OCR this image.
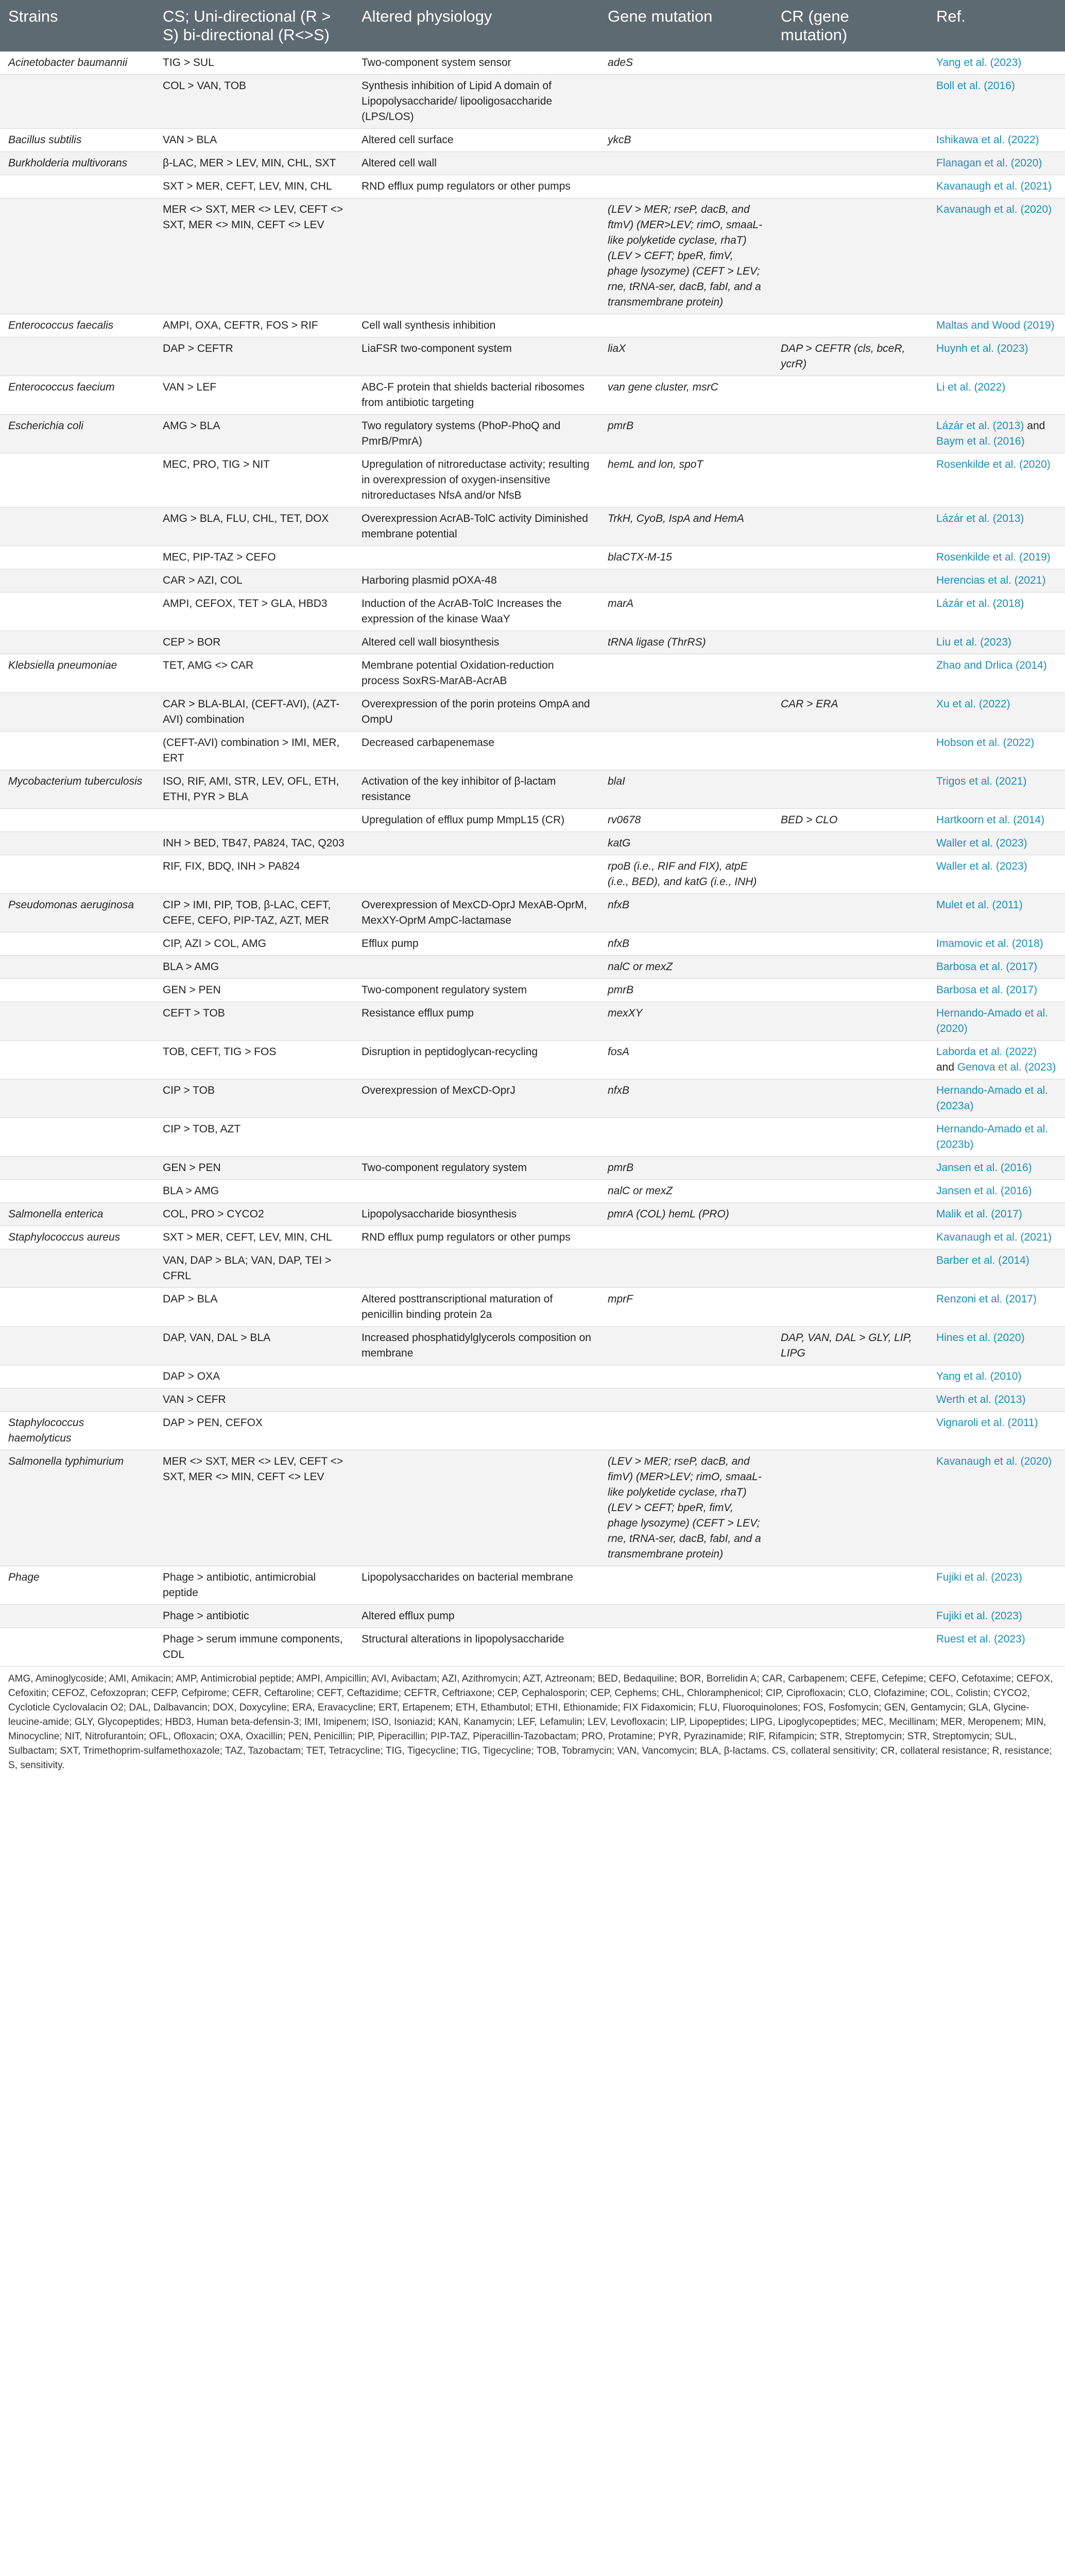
Strains	CS; Uni-directional (R > S) bi-directional (R<>S)	Altered physiology	Gene mutation	CR (gene mutation)	Ref.
Acinetobacter baumannii	TIG > SUL	Two-component system sensor	adeS		Yang et al. (2023)
	COL > VAN, TOB	Synthesis inhibition of Lipid A domain of Lipopolysaccharide/ lipooligosaccharide (LPS/LOS)			Boll et al. (2016)
Bacillus subtilis	VAN > BLA	Altered cell surface	ykcB		Ishikawa et al. (2022)
Burkholderia multivorans	β-LAC, MER > LEV, MIN, CHL, SXT	Altered cell wall			Flanagan et al. (2020)
	SXT > MER, CEFT, LEV, MIN, CHL	RND efflux pump regulators or other pumps			Kavanaugh et al. (2021)
	MER <> SXT, MER <> LEV, CEFT <> SXT, MER <> MIN, CEFT <> LEV		(LEV > MER; rseP, dacB, and ftmV) (MER>LEV; rimO, smaaL-like polyketide cyclase, rhaT) (LEV > CEFT; bpeR, fimV, phage lysozyme) (CEFT > LEV; rne, tRNA-ser, dacB, fabI, and a transmembrane protein)		Kavanaugh et al. (2020)
Enterococcus faecalis	AMPI, OXA, CEFTR, FOS > RIF	Cell wall synthesis inhibition			Maltas and Wood (2019)
	DAP > CEFTR	LiaFSR two-component system	liaX	DAP > CEFTR (cls, bceR, ycrR)	Huynh et al. (2023)
Enterococcus faecium	VAN > LEF	ABC-F protein that shields bacterial ribosomes from antibiotic targeting	van gene cluster, msrC		Li et al. (2022)
Escherichia coli	AMG > BLA	Two regulatory systems (PhoP-PhoQ and PmrB/PmrA)	pmrB		Lázár et al. (2013) and Baym et al. (2016)
	MEC, PRO, TIG > NIT	Upregulation of nitroreductase activity; resulting in overexpression of oxygen-insensitive nitroreductases NfsA and/or NfsB	hemL and lon, spoT		Rosenkilde et al. (2020)
	AMG > BLA, FLU, CHL, TET, DOX	Overexpression AcrAB-TolC activity Diminished membrane potential	TrkH, CyoB, IspA and HemA		Lázár et al. (2013)
	MEC, PIP-TAZ > CEFO		blaCTX-M-15		Rosenkilde et al. (2019)
	CAR > AZI, COL	Harboring plasmid pOXA-48			Herencias et al. (2021)
	AMPI, CEFOX, TET > GLA, HBD3	Induction of the AcrAB-TolC Increases the expression of the kinase WaaY	marA		Lázár et al. (2018)
	CEP > BOR	Altered cell wall biosynthesis	tRNA ligase (ThrRS)		Liu et al. (2023)
Klebsiella pneumoniae	TET, AMG <> CAR	Membrane potential Oxidation-reduction process SoxRS-MarAB-AcrAB			Zhao and Drlica (2014)
	CAR > BLA-BLAI, (CEFT-AVI), (AZT-AVI) combination	Overexpression of the porin proteins OmpA and OmpU		CAR > ERA	Xu et al. (2022)
	(CEFT-AVI) combination > IMI, MER, ERT	Decreased carbapenemase			Hobson et al. (2022)
Mycobacterium tuberculosis	ISO, RIF, AMI, STR, LEV, OFL, ETH, ETHI, PYR > BLA	Activation of the key inhibitor of β-lactam resistance	blaI		Trigos et al. (2021)
		Upregulation of efflux pump MmpL15 (CR)	rv0678	BED > CLO	Hartkoorn et al. (2014)
	INH > BED, TB47, PA824, TAC, Q203		katG		Waller et al. (2023)
	RIF, FIX, BDQ, INH > PA824		rpoB (i.e., RIF and FIX), atpE (i.e., BED), and katG (i.e., INH)		Waller et al. (2023)
Pseudomonas aeruginosa	CIP > IMI, PIP, TOB, β-LAC, CEFT, CEFE, CEFO, PIP-TAZ, AZT, MER	Overexpression of MexCD-OprJ MexAB-OprM, MexXY-OprM AmpC-lactamase	nfxB		Mulet et al. (2011)
	CIP, AZI > COL, AMG	Efflux pump	nfxB		Imamovic et al. (2018)
	BLA > AMG		nalC or mexZ		Barbosa et al. (2017)
	GEN > PEN	Two-component regulatory system	pmrB		Barbosa et al. (2017)
	CEFT > TOB	Resistance efflux pump	mexXY		Hernando-Amado et al. (2020)
	TOB, CEFT, TIG > FOS	Disruption in peptidoglycan-recycling	fosA		Laborda et al. (2022) and Genova et al. (2023)
	CIP > TOB	Overexpression of MexCD-OprJ	nfxB		Hernando-Amado et al. (2023a)
	CIP > TOB, AZT				Hernando-Amado et al. (2023b)
	GEN > PEN	Two-component regulatory system	pmrB		Jansen et al. (2016)
	BLA > AMG		nalC or mexZ		Jansen et al. (2016)
Salmonella enterica	COL, PRO > CYCO2	Lipopolysaccharide biosynthesis	pmrA (COL) hemL (PRO)		Malik et al. (2017)
Staphylococcus aureus	SXT > MER, CEFT, LEV, MIN, CHL	RND efflux pump regulators or other pumps			Kavanaugh et al. (2021)
	VAN, DAP > BLA; VAN, DAP, TEI > CFRL				Barber et al. (2014)
	DAP > BLA	Altered posttranscriptional maturation of penicillin binding protein 2a	mprF		Renzoni et al. (2017)
	DAP, VAN, DAL > BLA	Increased phosphatidylglycerols composition on membrane		DAP, VAN, DAL > GLY, LIP, LIPG	Hines et al. (2020)
	DAP > OXA				Yang et al. (2010)
	VAN > CEFR				Werth et al. (2013)
Staphylococcus haemolyticus	DAP > PEN, CEFOX				Vignaroli et al. (2011)
Salmonella typhimurium	MER <> SXT, MER <> LEV, CEFT <> SXT, MER <> MIN, CEFT <> LEV		(LEV > MER; rseP, dacB, and fimV) (MER>LEV; rimO, smaaL-like polyketide cyclase, rhaT) (LEV > CEFT; bpeR, fimV, phage lysozyme) (CEFT > LEV; rne, tRNA-ser, dacB, fabI, and a transmembrane protein)		Kavanaugh et al. (2020)
Phage	Phage > antibiotic, antimicrobial peptide	Lipopolysaccharides on bacterial membrane			Fujiki et al. (2023)
	Phage > antibiotic	Altered efflux pump			Fujiki et al. (2023)
	Phage > serum immune components, CDL	Structural alterations in lipopolysaccharide			Ruest et al. (2023)
AMG, Aminoglycoside; AMI, Amikacin; AMP, Antimicrobial peptide; AMPI, Ampicillin; AVI, Avibactam; AZI, Azithromycin; AZT, Aztreonam; BED, Bedaquiline; BOR, Borrelidin A; CAR, Carbapenem; CEFE, Cefepime; CEFO, Cefotaxime; CEFOX, Cefoxitin; CEFOZ, Cefoxzopran; CEFP, Cefpirome; CEFR, Ceftaroline; CEFT, Ceftazidime; CEFTR, Ceftriaxone; CEP, Cephalosporin; CEP, Cephems; CHL, Chloramphenicol; CIP, Ciprofloxacin; CLO, Clofazimine; COL, Colistin; CYCO2, Cycloticle Cyclovalacin O2; DAL, Dalbavancin; DOX, Doxycyline; ERA, Eravacycline; ERT, Ertapenem; ETH, Ethambutol; ETHI, Ethionamide; FIX Fidaxomicin; FLU, Fluoroquinolones; FOS, Fosfomycin; GEN, Gentamycin; GLA, Glycine-leucine-amide; GLY, Glycopeptides; HBD3, Human beta-defensin-3; IMI, Imipenem; ISO, Isoniazid; KAN, Kanamycin; LEF, Lefamulin; LEV, Levofloxacin; LIP, Lipopeptides; LIPG, Lipoglycopeptides; MEC, Mecillinam; MER, Meropenem; MIN, Minocycline; NIT, Nitrofurantoin; OFL, Ofloxacin; OXA, Oxacillin; PEN, Penicillin; PIP, Piperacillin; PIP-TAZ, Piperacillin-Tazobactam; PRO, Protamine; PYR, Pyrazinamide; RIF, Rifampicin; STR, Streptomycin; STR, Streptomycin; SUL, Sulbactam; SXT, Trimethoprim-sulfamethoxazole; TAZ, Tazobactam; TET, Tetracycline; TIG, Tigecycline; TIG, Tigecycline; TOB, Tobramycin; VAN, Vancomycin; BLA, β-lactams. CS, collateral sensitivity; CR, collateral resistance; R, resistance; S, sensitivity.
